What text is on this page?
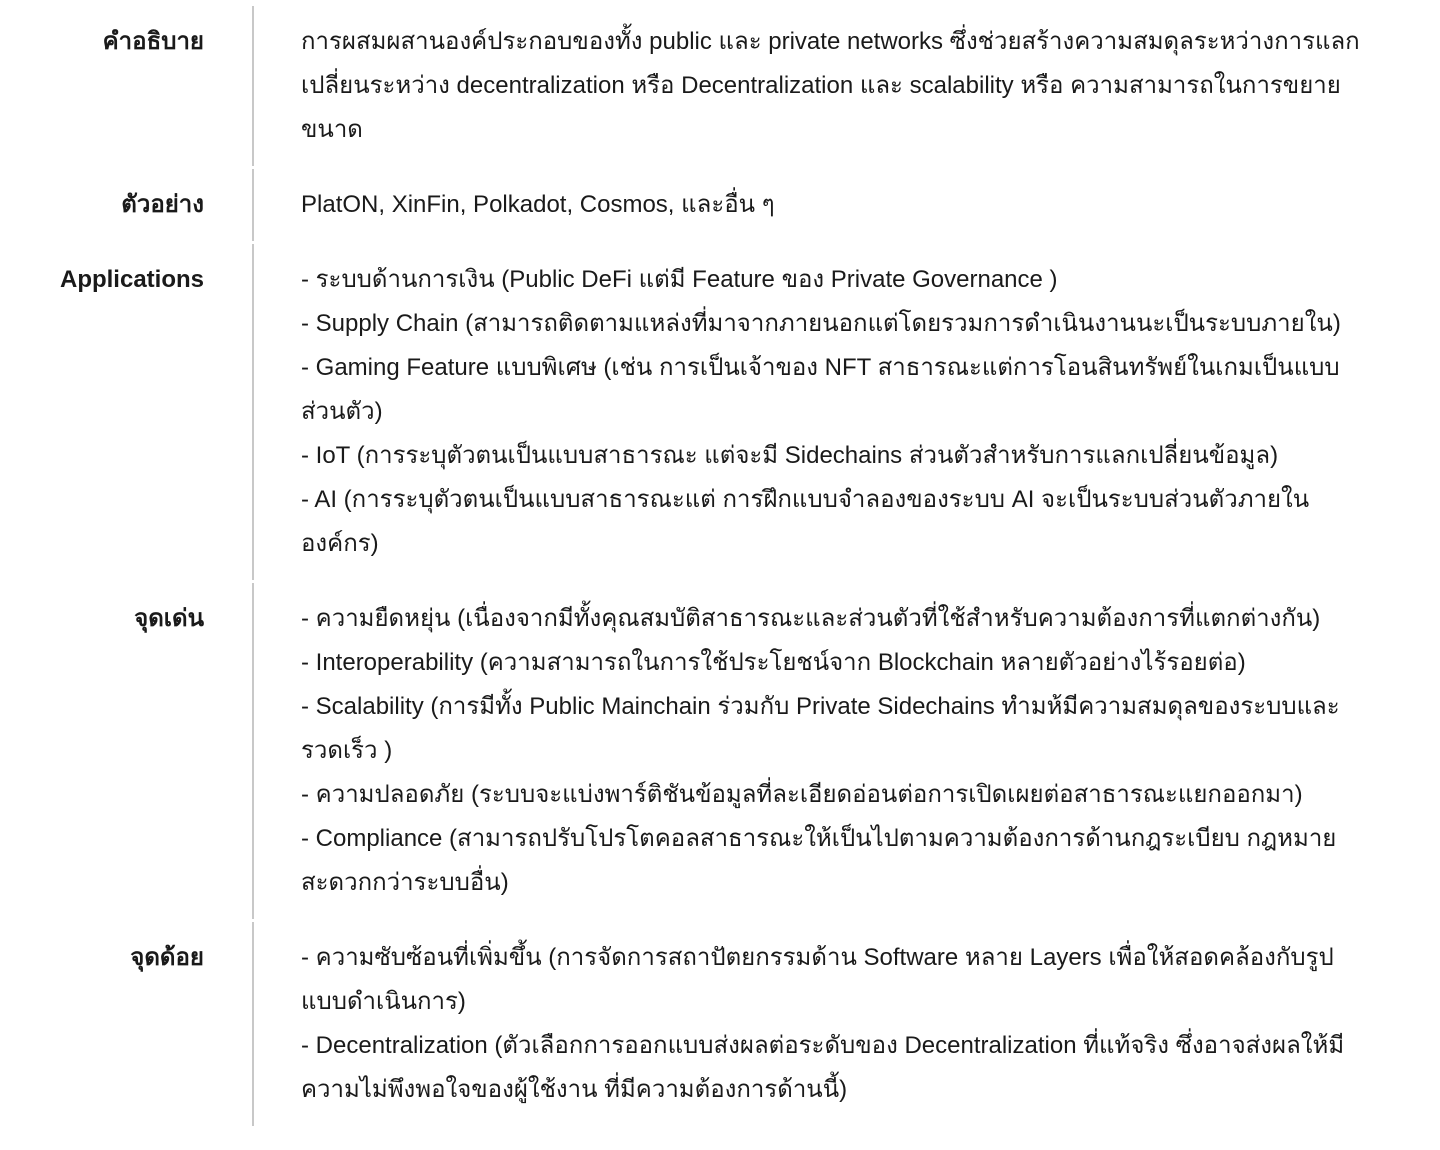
คำอธิบาย	การผสมผสานองค์ประกอบของทั้ง public และ private networks ซึ่งช่วยสร้างความสมดุลระหว่างการแลกเปลี่ยนระหว่าง decentralization หรือ Decentralization และ scalability หรือ ความสามารถในการขยายขนาด
ตัวอย่าง	PlatON, XinFin, Polkadot, Cosmos, และอื่น ๆ
Applications	- ระบบด้านการเงิน (Public DeFi แต่มี Feature ของ Private Governance )
- Supply Chain (สามารถติดตามแหล่งที่มาจากภายนอกแต่โดยรวมการดำเนินงานนะเป็นระบบภายใน)
- Gaming Feature แบบพิเศษ (เช่น การเป็นเจ้าของ NFT สาธารณะแต่การโอนสินทรัพย์ในเกมเป็นแบบส่วนตัว)
- IoT (การระบุตัวตนเป็นแบบสาธารณะ แต่จะมี Sidechains ส่วนตัวสำหรับการแลกเปลี่ยนข้อมูล)
- AI (การระบุตัวตนเป็นแบบสาธารณะแต่ การฝึกแบบจำลองของระบบ AI จะเป็นระบบส่วนตัวภายในองค์กร)
จุดเด่น	- ความยืดหยุ่น (เนื่องจากมีทั้งคุณสมบัติสาธารณะและส่วนตัวที่ใช้สำหรับความต้องการที่แตกต่างกัน)
- Interoperability (ความสามารถในการใช้ประโยชน์จาก Blockchain หลายตัวอย่างไร้รอยต่อ)
- Scalability (การมีทั้ง Public Mainchain ร่วมกับ Private Sidechains ทำมห้มีความสมดุลของระบบและรวดเร็ว )
- ความปลอดภัย (ระบบจะแบ่งพาร์ติชันข้อมูลที่ละเอียดอ่อนต่อการเปิดเผยต่อสาธารณะแยกออกมา)
- Compliance (สามารถปรับโปรโตคอลสาธารณะให้เป็นไปตามความต้องการด้านกฎระเบียบ กฎหมายสะดวกกว่าระบบอื่น)
จุดด้อย	- ความซับซ้อนที่เพิ่มขึ้น (การจัดการสถาปัตยกรรมด้าน Software หลาย Layers เพื่อให้สอดคล้องกับรูปแบบดำเนินการ)
- Decentralization (ตัวเลือกการออกแบบส่งผลต่อระดับของ Decentralization ที่แท้จริง ซึ่งอาจส่งผลให้มีความไม่พึงพอใจของผู้ใช้งาน ที่มีความต้องการด้านนี้)
